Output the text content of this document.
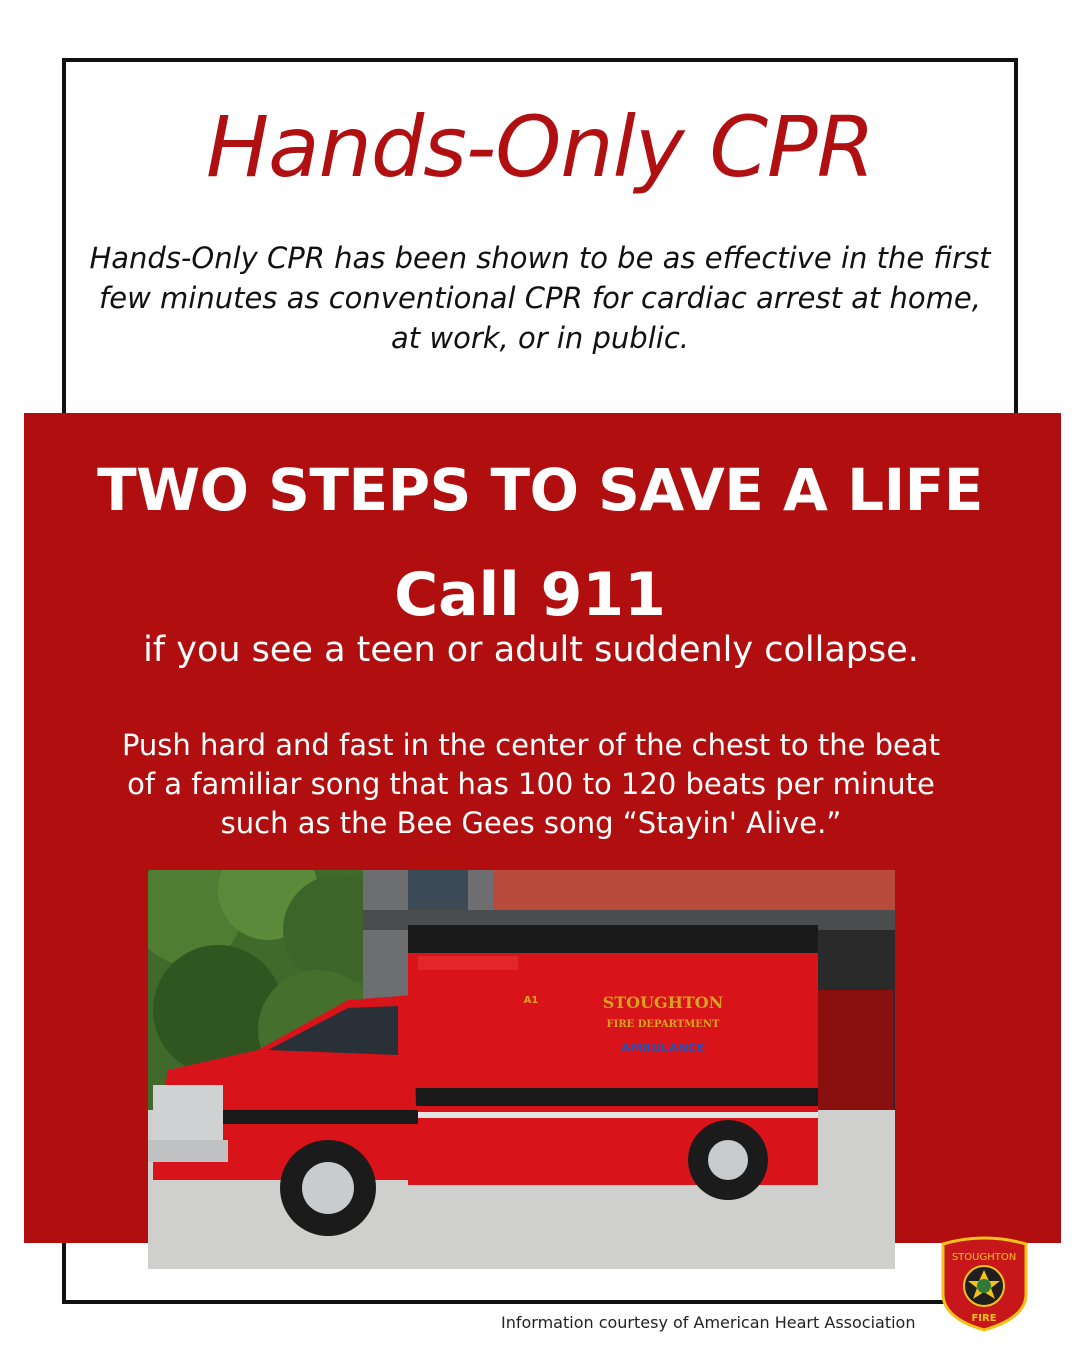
Hands-Only CPR

Hands-Only CPR has been shown to be as effective in the first few minutes as conventional CPR for cardiac arrest at home, at work, or in public.

TWO STEPS TO SAVE A LIFE
Call 911
if you see a teen or adult suddenly collapse.

Push hard and fast in the center of the chest to the beat of a familiar song that has 100 to 120 beats per minute such as the Bee Gees song “Stayin' Alive.”

STOUGHTON
FIRE DEPARTMENT
AMBULANCE
A1
Information courtesy of American Heart Association
STOUGHTON
FIRE
